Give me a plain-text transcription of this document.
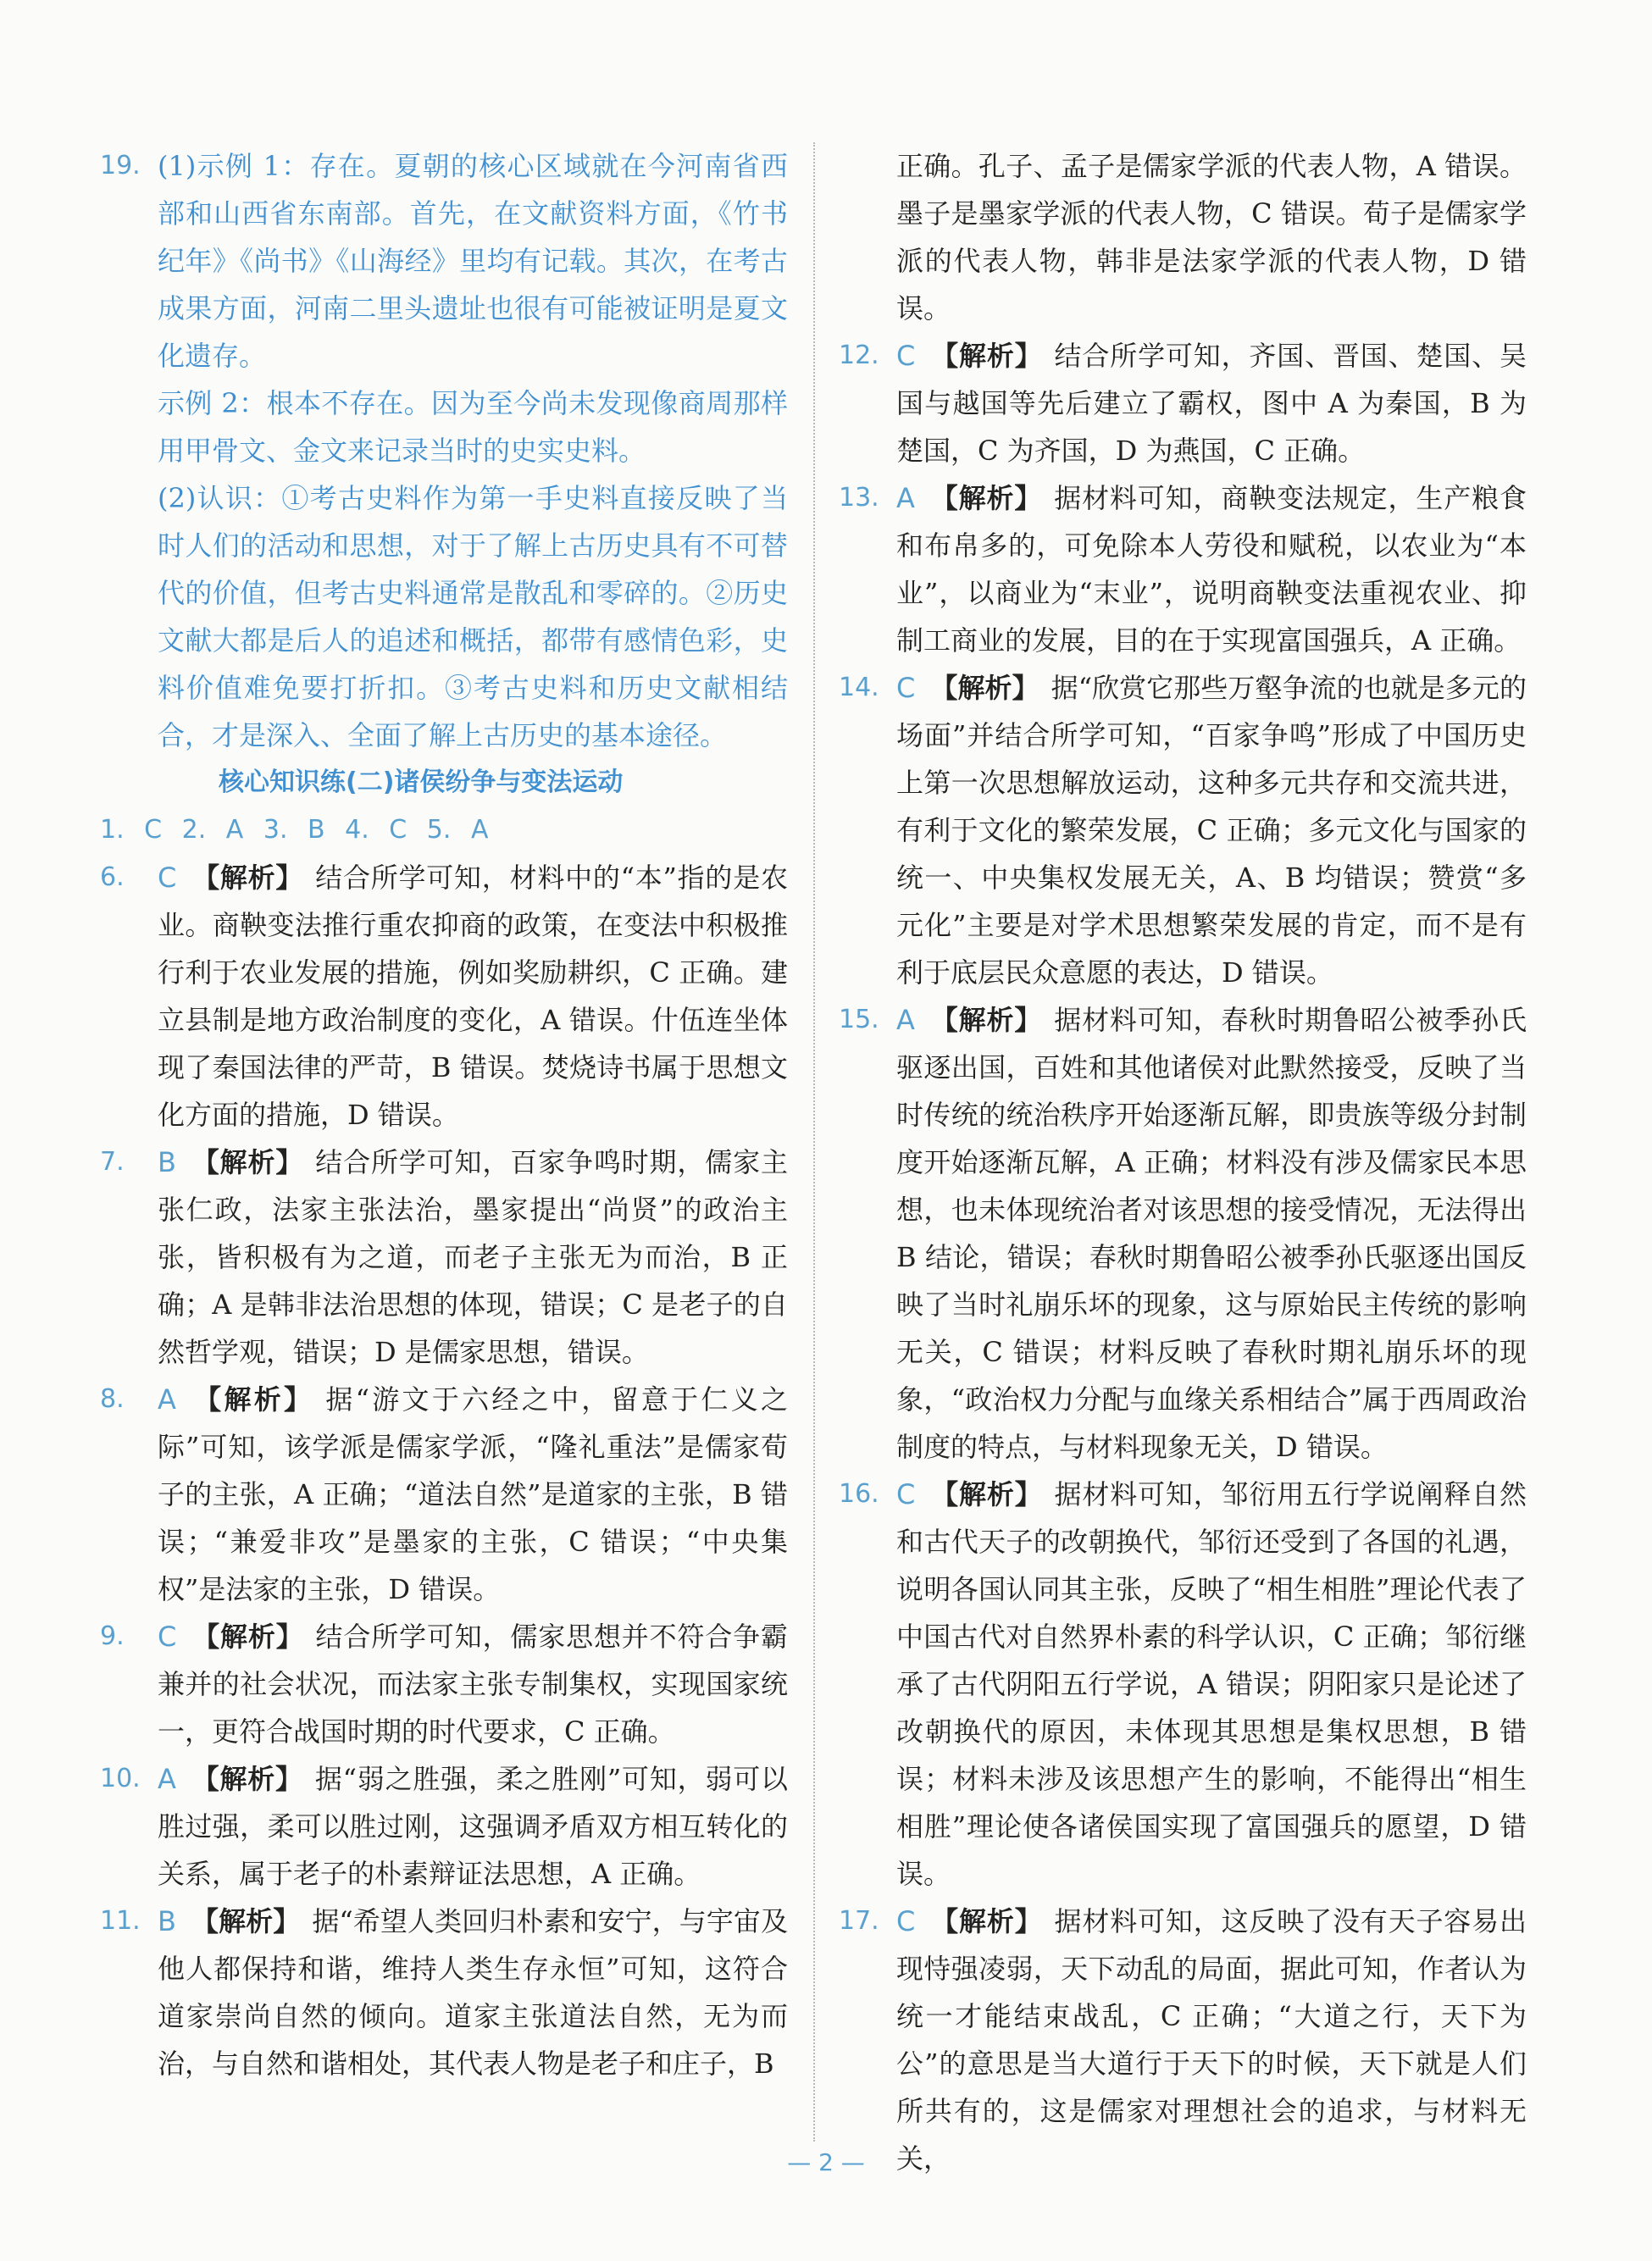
19. (1)示例 1：存在。夏朝的核心区域就在今河南省西部和山西省东南部。首先，在文献资料方面，《竹书纪年》《尚书》《山海经》里均有记载。其次，在考古成果方面，河南二里头遗址也很有可能被证明是夏文化遗存。

示例 2：根本不存在。因为至今尚未发现像商周那样用甲骨文、金文来记录当时的史实史料。

(2)认识：①考古史料作为第一手史料直接反映了当时人们的活动和思想，对于了解上古历史具有不可替代的价值，但考古史料通常是散乱和零碎的。②历史文献大都是后人的追述和概括，都带有感情色彩，史料价值难免要打折扣。③考古史料和历史文献相结合，才是深入、全面了解上古历史的基本途径。

核心知识练(二)诸侯纷争与变法运动

1. C 2. A 3. B 4. C 5. A

6. C 【解析】 结合所学可知，材料中的“本”指的是农业。商鞅变法推行重农抑商的政策，在变法中积极推行利于农业发展的措施，例如奖励耕织，C 正确。建立县制是地方政治制度的变化，A 错误。什伍连坐体现了秦国法律的严苛，B 错误。焚烧诗书属于思想文化方面的措施，D 错误。
7. B 【解析】 结合所学可知，百家争鸣时期，儒家主张仁政，法家主张法治，墨家提出“尚贤”的政治主张，皆积极有为之道，而老子主张无为而治，B 正确；A 是韩非法治思想的体现，错误；C 是老子的自然哲学观，错误；D 是儒家思想，错误。
8. A 【解析】 据“游文于六经之中，留意于仁义之际”可知，该学派是儒家学派，“隆礼重法”是儒家荀子的主张，A 正确；“道法自然”是道家的主张，B 错误；“兼爱非攻”是墨家的主张，C 错误；“中央集权”是法家的主张，D 错误。
9. C 【解析】 结合所学可知，儒家思想并不符合争霸兼并的社会状况，而法家主张专制集权，实现国家统一，更符合战国时期的时代要求，C 正确。
10. A 【解析】 据“弱之胜强，柔之胜刚”可知，弱可以胜过强，柔可以胜过刚，这强调矛盾双方相互转化的关系，属于老子的朴素辩证法思想，A 正确。
11. B 【解析】 据“希望人类回归朴素和安宁，与宇宙及他人都保持和谐，维持人类生存永恒”可知，这符合道家崇尚自然的倾向。道家主张道法自然，无为而治，与自然和谐相处，其代表人物是老子和庄子，B

正确。孔子、孟子是儒家学派的代表人物，A 错误。墨子是墨家学派的代表人物，C 错误。荀子是儒家学派的代表人物，韩非是法家学派的代表人物，D 错误。

12. C 【解析】 结合所学可知，齐国、晋国、楚国、吴国与越国等先后建立了霸权，图中 A 为秦国，B 为楚国，C 为齐国，D 为燕国，C 正确。
13. A 【解析】 据材料可知，商鞅变法规定，生产粮食和布帛多的，可免除本人劳役和赋税，以农业为“本业”，以商业为“末业”，说明商鞅变法重视农业、抑制工商业的发展，目的在于实现富国强兵，A 正确。
14. C 【解析】 据“欣赏它那些万壑争流的也就是多元的场面”并结合所学可知，“百家争鸣”形成了中国历史上第一次思想解放运动，这种多元共存和交流共进，有利于文化的繁荣发展，C 正确；多元文化与国家的统一、中央集权发展无关，A、B 均错误；赞赏“多元化”主要是对学术思想繁荣发展的肯定，而不是有利于底层民众意愿的表达，D 错误。
15. A 【解析】 据材料可知，春秋时期鲁昭公被季孙氏驱逐出国，百姓和其他诸侯对此默然接受，反映了当时传统的统治秩序开始逐渐瓦解，即贵族等级分封制度开始逐渐瓦解，A 正确；材料没有涉及儒家民本思想，也未体现统治者对该思想的接受情况，无法得出 B 结论，错误；春秋时期鲁昭公被季孙氏驱逐出国反映了当时礼崩乐坏的现象，这与原始民主传统的影响无关，C 错误；材料反映了春秋时期礼崩乐坏的现象，“政治权力分配与血缘关系相结合”属于西周政治制度的特点，与材料现象无关，D 错误。
16. C 【解析】 据材料可知，邹衍用五行学说阐释自然和古代天子的改朝换代，邹衍还受到了各国的礼遇，说明各国认同其主张，反映了“相生相胜”理论代表了中国古代对自然界朴素的科学认识，C 正确；邹衍继承了古代阴阳五行学说，A 错误；阴阳家只是论述了改朝换代的原因，未体现其思想是集权思想，B 错误；材料未涉及该思想产生的影响，不能得出“相生相胜”理论使各诸侯国实现了富国强兵的愿望，D 错误。
17. C 【解析】 据材料可知，这反映了没有天子容易出现恃强凌弱，天下动乱的局面，据此可知，作者认为统一才能结束战乱，C 正确；“大道之行，天下为公”的意思是当大道行于天下的时候，天下就是人们所共有的，这是儒家对理想社会的追求，与材料无关，
— 2 —
